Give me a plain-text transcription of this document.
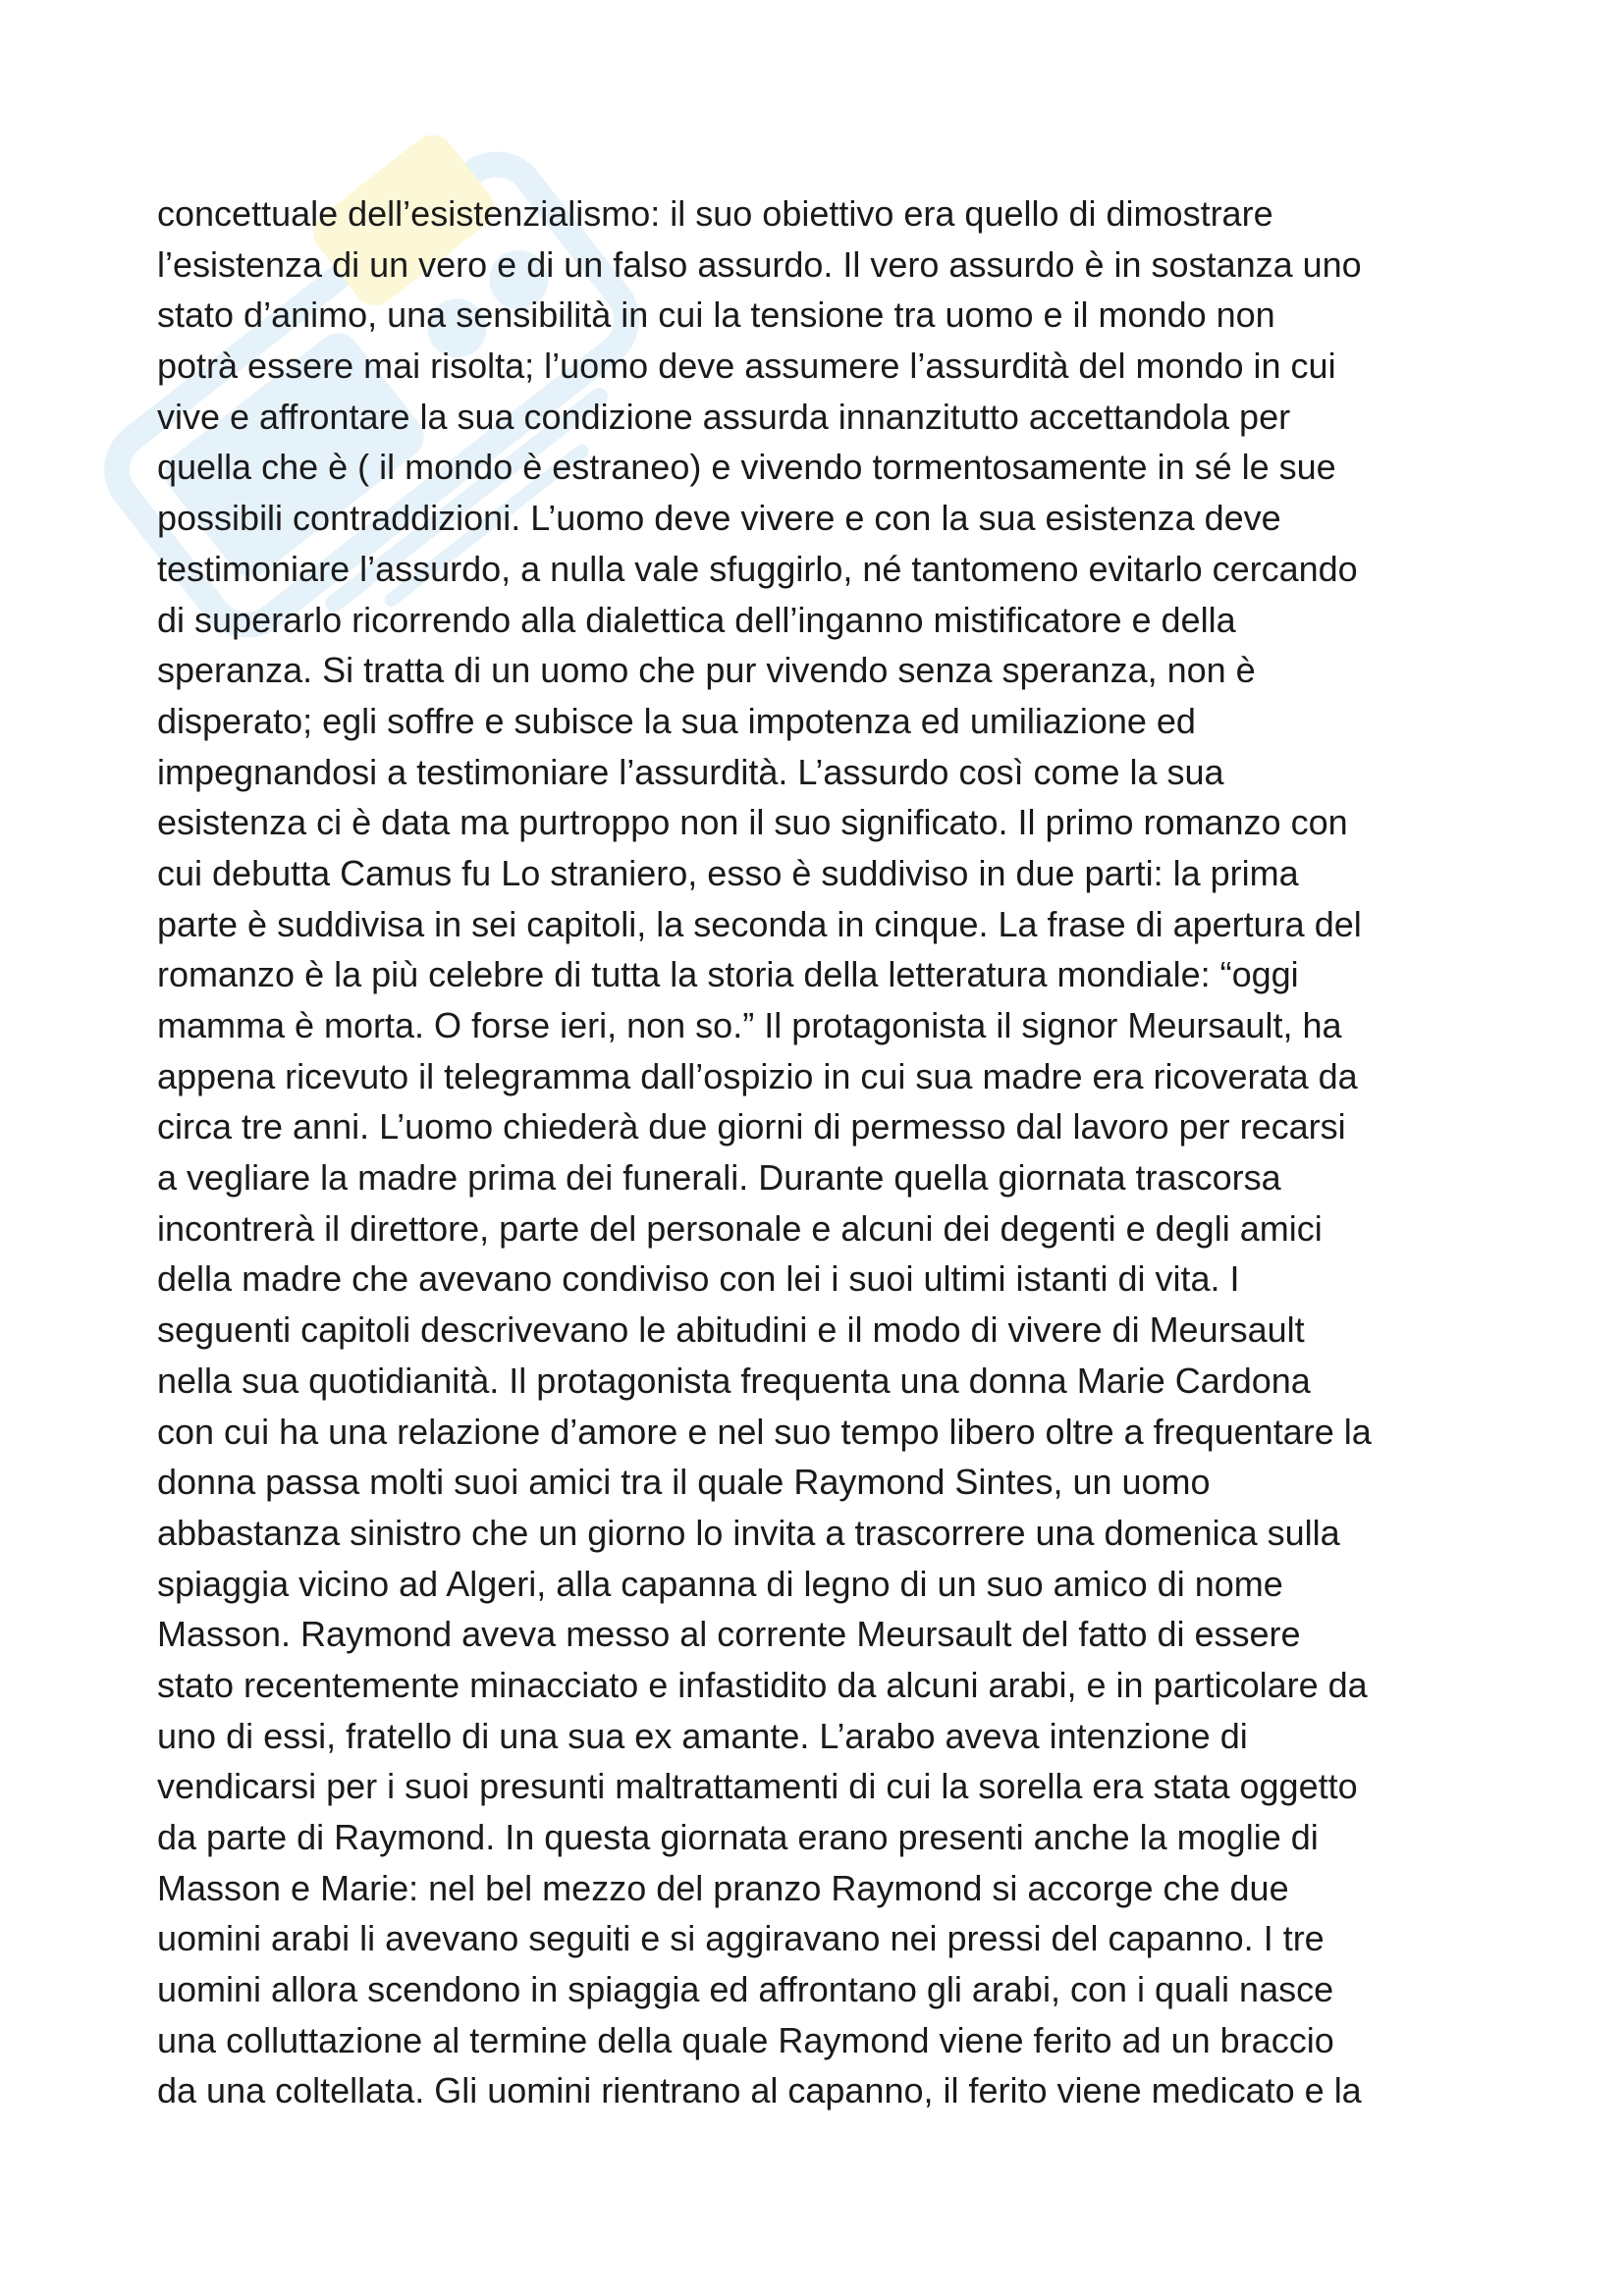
concettuale dell’esistenzialismo: il suo obiettivo era quello di dimostrare
l’esistenza di un vero e di un falso assurdo. Il vero assurdo è in sostanza uno
stato d’animo, una sensibilità in cui la tensione tra uomo e il mondo non
potrà essere mai risolta; l’uomo deve assumere l’assurdità del mondo in cui
vive e affrontare la sua condizione assurda innanzitutto accettandola per
quella che è ( il mondo è estraneo) e vivendo tormentosamente in sé le sue
possibili contraddizioni. L’uomo deve vivere e con la sua esistenza deve
testimoniare l’assurdo, a nulla vale sfuggirlo, né tantomeno evitarlo cercando
di superarlo ricorrendo alla dialettica dell’inganno mistificatore e della
speranza. Si tratta di un uomo che pur vivendo senza speranza, non è
disperato; egli soffre e subisce la sua impotenza ed umiliazione ed
impegnandosi a testimoniare l’assurdità. L’assurdo così come la sua
esistenza ci è data ma purtroppo non il suo significato. Il primo romanzo con
cui debutta Camus fu Lo straniero, esso è suddiviso in due parti: la prima
parte è suddivisa in sei capitoli, la seconda in cinque. La frase di apertura del
romanzo è la più celebre di tutta la storia della letteratura mondiale: “oggi
mamma è morta. O forse ieri, non so.” Il protagonista il signor Meursault, ha
appena ricevuto il telegramma dall’ospizio in cui sua madre era ricoverata da
circa tre anni. L’uomo chiederà due giorni di permesso dal lavoro per recarsi
a vegliare la madre prima dei funerali. Durante quella giornata trascorsa
incontrerà il direttore, parte del personale e alcuni dei degenti e degli amici
della madre che avevano condiviso con lei i suoi ultimi istanti di vita. I
seguenti capitoli descrivevano le abitudini e il modo di vivere di Meursault
nella sua quotidianità. Il protagonista frequenta una donna Marie Cardona
con cui ha una relazione d’amore e nel suo tempo libero oltre a frequentare la
donna passa molti suoi amici tra il quale Raymond Sintes, un uomo
abbastanza sinistro che un giorno lo invita a trascorrere una domenica sulla
spiaggia vicino ad Algeri, alla capanna di legno di un suo amico di nome
Masson. Raymond aveva messo al corrente Meursault del fatto di essere
stato recentemente minacciato e infastidito da alcuni arabi, e in particolare da
uno di essi, fratello di una sua ex amante. L’arabo aveva intenzione di
vendicarsi per i suoi presunti maltrattamenti di cui la sorella era stata oggetto
da parte di Raymond. In questa giornata erano presenti anche la moglie di
Masson e Marie: nel bel mezzo del pranzo Raymond si accorge che due
uomini arabi li avevano seguiti e si aggiravano nei pressi del capanno. I tre
uomini allora scendono in spiaggia ed affrontano gli arabi, con i quali nasce
una colluttazione al termine della quale Raymond viene ferito ad un braccio
da una coltellata. Gli uomini rientrano al capanno, il ferito viene medicato e la
